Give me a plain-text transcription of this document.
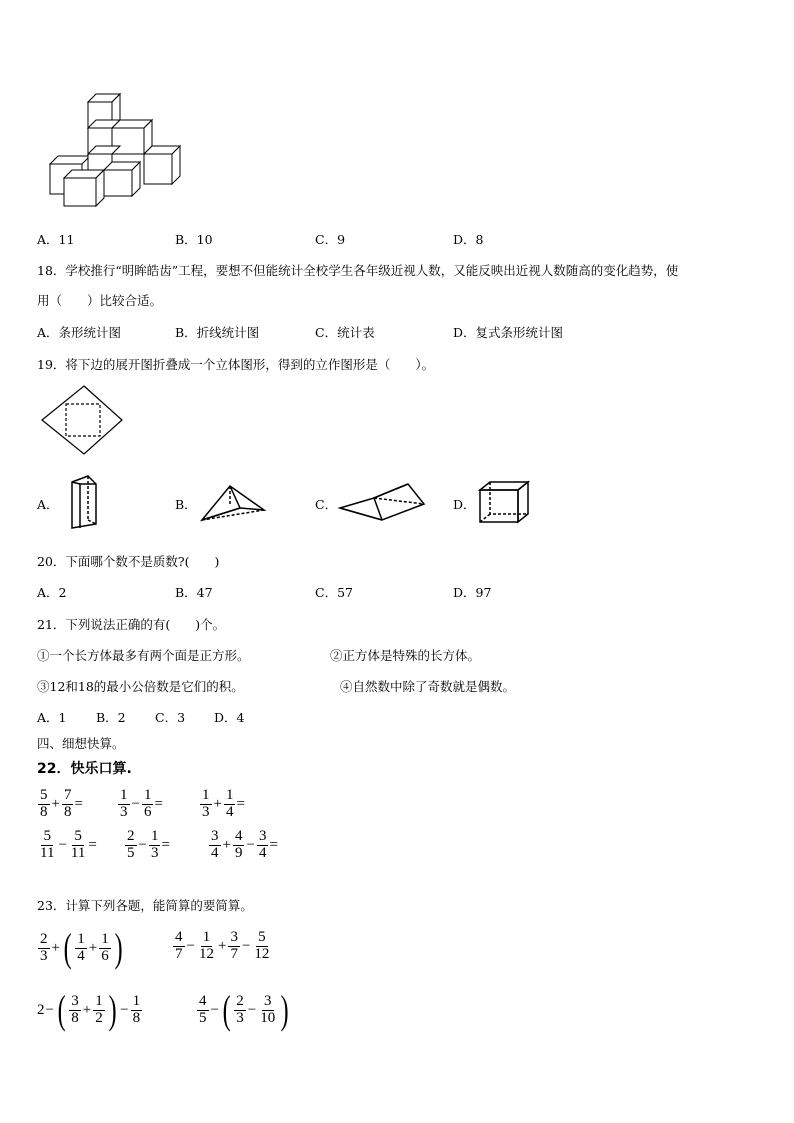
A．11	B．10	C．9	D．8
18．学校推行“明眸皓齿”工程，要想不但能统计全校学生各年级近视人数，又能反映出近视人数随高的变化趋势，使
用（　　）比较合适。
A．条形统计图	B．折线统计图	C．统计表	D．复式条形统计图
19．将下边的展开图折叠成一个立体图形，得到的立作图形是（　　）。
A．	B．	C．	D．
20．下面哪个数不是质数?(　　)
A．2	B．47	C．57	D．97
21．下列说法正确的有(　　)个。
①一个长方体最多有两个面是正方形。	②正方体是特殊的长方体。
③12和18的最小公倍数是它们的积。	④自然数中除了奇数就是偶数。
A．1 B．2 C．3 D．4
四、细想快算。
22．快乐口算.
$\frac{5}{8} + \frac{7}{8} = \frac{1}{3} - \frac{1}{6} = \frac{1}{3} + \frac{1}{4}$ =
$\frac{5}{11} - \frac{5}{11} = \frac{2}{5} - \frac{1}{3}$ =	$\frac{3}{4} + \frac{4}{9} - \frac{3}{4}$ =
23．计算下列各题，能简算的要简算。
$\frac{2}{3}$ + ( $\frac{1}{4} + \frac{1}{6}$ )	$\frac{4}{7} - \frac{1}{12} + \frac{3}{7} - \frac{5}{12}$
2 − ( $\frac{3}{8} + \frac{1}{2}$ ) − $\frac{1}{8}$	$\frac{4}{5}$ − ( $\frac{2}{3} - \frac{3}{10}$ )
